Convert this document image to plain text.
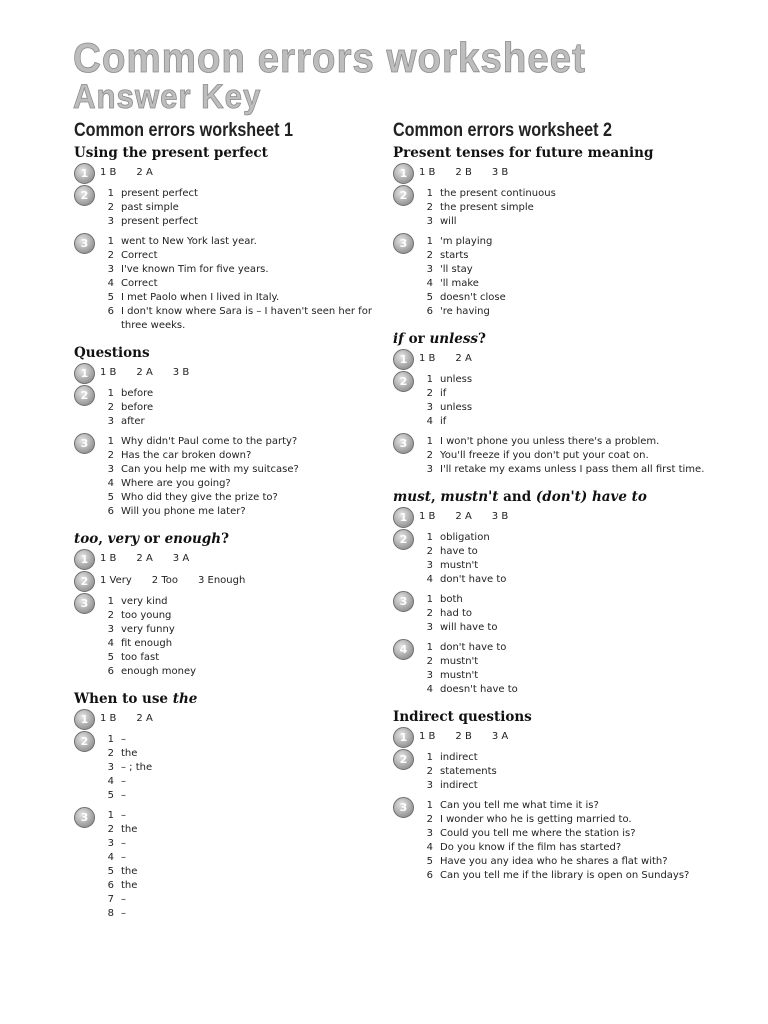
Common errors worksheet
Answer Key
Common errors worksheet 1
Using the present perfect
1	1 B 2 A
2	1 present perfect
2 past simple
3 present perfect
3	1 went to New York last year.
2 Correct
3 I've known Tim for five years.
4 Correct
5 I met Paolo when I lived in Italy.
6 I don't know where Sara is – I haven't seen her for three weeks.
Questions
1	1 B 2 A 3 B
2	1 before
2 before
3 after
3	1 Why didn't Paul come to the party?
2 Has the car broken down?
3 Can you help me with my suitcase?
4 Where are you going?
5 Who did they give the prize to?
6 Will you phone me later?
too, very or enough?
1	1 B 2 A 3 A
2	1 Very 2 Too 3 Enough
3	1 very kind
2 too young
3 very funny
4 fit enough
5 too fast
6 enough money
When to use the
1	1 B 2 A
2	1 –
2 the
3 – ; the
4 –
5 –
3	1 –
2 the
3 –
4 –
5 the
6 the
7 –
8 –
Common errors worksheet 2
Present tenses for future meaning
1	1 B 2 B 3 B
2	1 the present continuous
2 the present simple
3 will
3	1 'm playing
2 starts
3 'll stay
4 'll make
5 doesn't close
6 're having
if or unless?
1	1 B 2 A
2	1 unless
2 if
3 unless
4 if
3	1 I won't phone you unless there's a problem.
2 You'll freeze if you don't put your coat on.
3 I'll retake my exams unless I pass them all first time.
must, mustn't and (don't) have to
1	1 B 2 A 3 B
2	1 obligation
2 have to
3 mustn't
4 don't have to
3	1 both
2 had to
3 will have to
4	1 don't have to
2 mustn't
3 mustn't
4 doesn't have to
Indirect questions
1	1 B 2 B 3 A
2	1 indirect
2 statements
3 indirect
3	1 Can you tell me what time it is?
2 I wonder who he is getting married to.
3 Could you tell me where the station is?
4 Do you know if the film has started?
5 Have you any idea who he shares a flat with?
6 Can you tell me if the library is open on Sundays?
